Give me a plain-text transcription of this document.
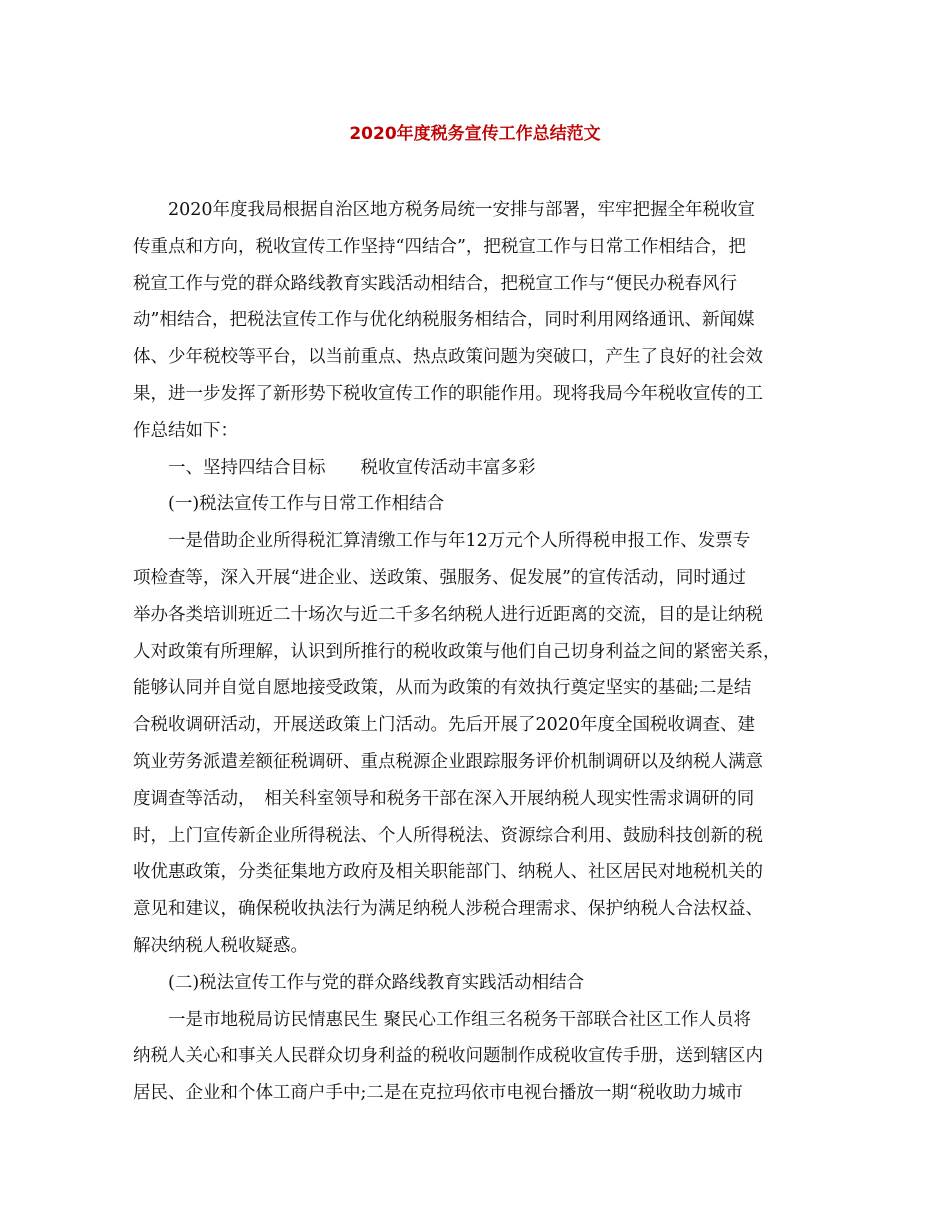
2020年度税务宣传工作总结范文
　　2020年度我局根据自治区地方税务局统一安排与部署，牢牢把握全年税收宣
传重点和方向，税收宣传工作坚持“四结合”，把税宣工作与日常工作相结合，把
税宣工作与党的群众路线教育实践活动相结合，把税宣工作与“便民办税春风行
动”相结合，把税法宣传工作与优化纳税服务相结合，同时利用网络通讯、新闻媒
体、少年税校等平台，以当前重点、热点政策问题为突破口，产生了良好的社会效
果，进一步发挥了新形势下税收宣传工作的职能作用。现将我局今年税收宣传的工
作总结如下：
　　一、坚持四结合目标　　税收宣传活动丰富多彩
　　(一)税法宣传工作与日常工作相结合
　　一是借助企业所得税汇算清缴工作与年12万元个人所得税申报工作、发票专
项检查等，深入开展“进企业、送政策、强服务、促发展”的宣传活动，同时通过
举办各类培训班近二十场次与近二千多名纳税人进行近距离的交流，目的是让纳税
人对政策有所理解，认识到所推行的税收政策与他们自己切身利益之间的紧密关系，
能够认同并自觉自愿地接受政策，从而为政策的有效执行奠定坚实的基础;二是结
合税收调研活动，开展送政策上门活动。先后开展了2020年度全国税收调查、建
筑业劳务派遣差额征税调研、重点税源企业跟踪服务评价机制调研以及纳税人满意
度调查等活动，　相关科室领导和税务干部在深入开展纳税人现实性需求调研的同
时，上门宣传新企业所得税法、个人所得税法、资源综合利用、鼓励科技创新的税
收优惠政策，分类征集地方政府及相关职能部门、纳税人、社区居民对地税机关的
意见和建议，确保税收执法行为满足纳税人涉税合理需求、保护纳税人合法权益、
解决纳税人税收疑惑。
　　(二)税法宣传工作与党的群众路线教育实践活动相结合
　　一是市地税局访民情惠民生 聚民心工作组三名税务干部联合社区工作人员将
纳税人关心和事关人民群众切身利益的税收问题制作成税收宣传手册，送到辖区内
居民、企业和个体工商户手中;二是在克拉玛依市电视台播放一期“税收助力城市
